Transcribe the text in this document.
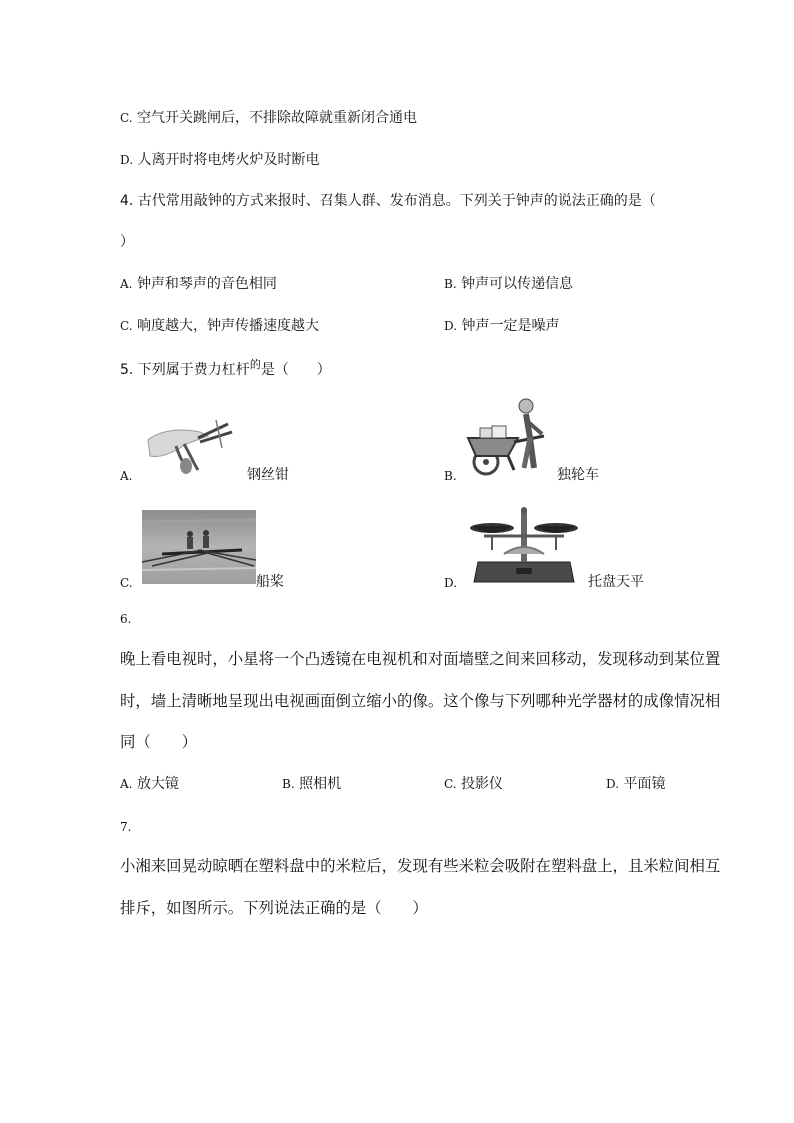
C. 空气开关跳闸后，不排除故障就重新闭合通电
D. 人离开时将电烤火炉及时断电
4. 古代常用敲钟的方式来报时、召集人群、发布消息。下列关于钟声的说法正确的是（
）
A. 钟声和琴声的音色相同	B. 钟声可以传递信息
C. 响度越大，钟声传播速度越大	D. 钟声一定是噪声
5. 下列属于费力杠杆$^的$是（　　）
A.	钢丝钳	B.	独轮车
C.	船桨	D.	托盘天平
6.
晚上看电视时，小星将一个凸透镜在电视机和对面墙壁之间来回移动，发现移动到某位置
时，墙上清晰地呈现出电视画面倒立缩小的像。这个像与下列哪种光学器材的成像情况相
同（　　）
A. 放大镜	B. 照相机	C. 投影仪	D. 平面镜
7.
小湘来回晃动晾晒在塑料盘中的米粒后，发现有些米粒会吸附在塑料盘上，且米粒间相互
排斥，如图所示。下列说法正确的是（　　）
